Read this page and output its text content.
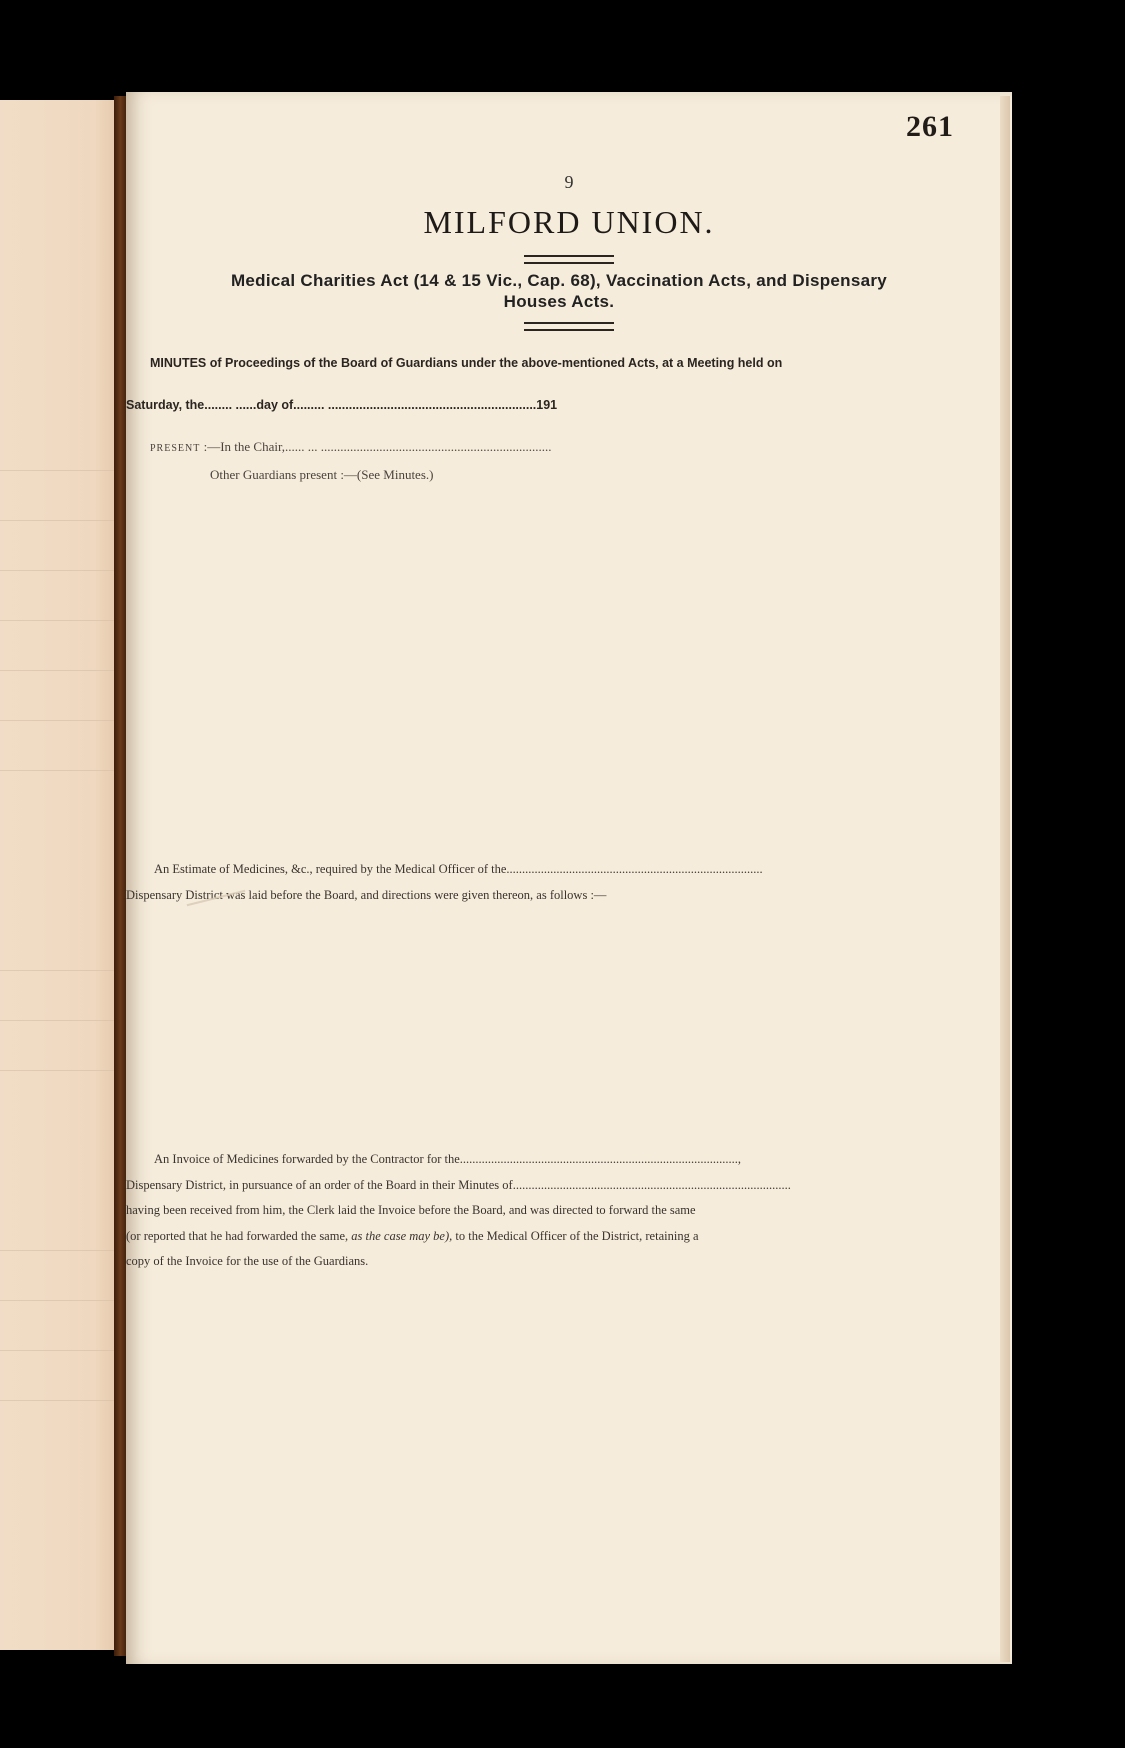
261
9
MILFORD UNION.
Medical Charities Act (14 & 15 Vic., Cap. 68), Vaccination Acts, and Dispensary
Houses Acts.
MINUTES of Proceedings of the Board of Guardians under the above-mentioned Acts, at a Meeting held on
Saturday, the........ ......day of......... ............................................................191
PRESENT :—In the Chair,...... ... .......................................................................
Other Guardians present :—(See Minutes.)

An Estimate of Medicines, &c., required by the Medical Officer of the..................................................................................

Dispensary District was laid before the Board, and directions were given thereon, as follows :—

An Invoice of Medicines forwarded by the Contractor for the.........................................................................................,

Dispensary District, in pursuance of an order of the Board in their Minutes of.........................................................................................

having been received from him, the Clerk laid the Invoice before the Board, and was directed to forward the same

(or reported that he had forwarded the same, as the case may be), to the Medical Officer of the District, retaining a

copy of the Invoice for the use of the Guardians.
